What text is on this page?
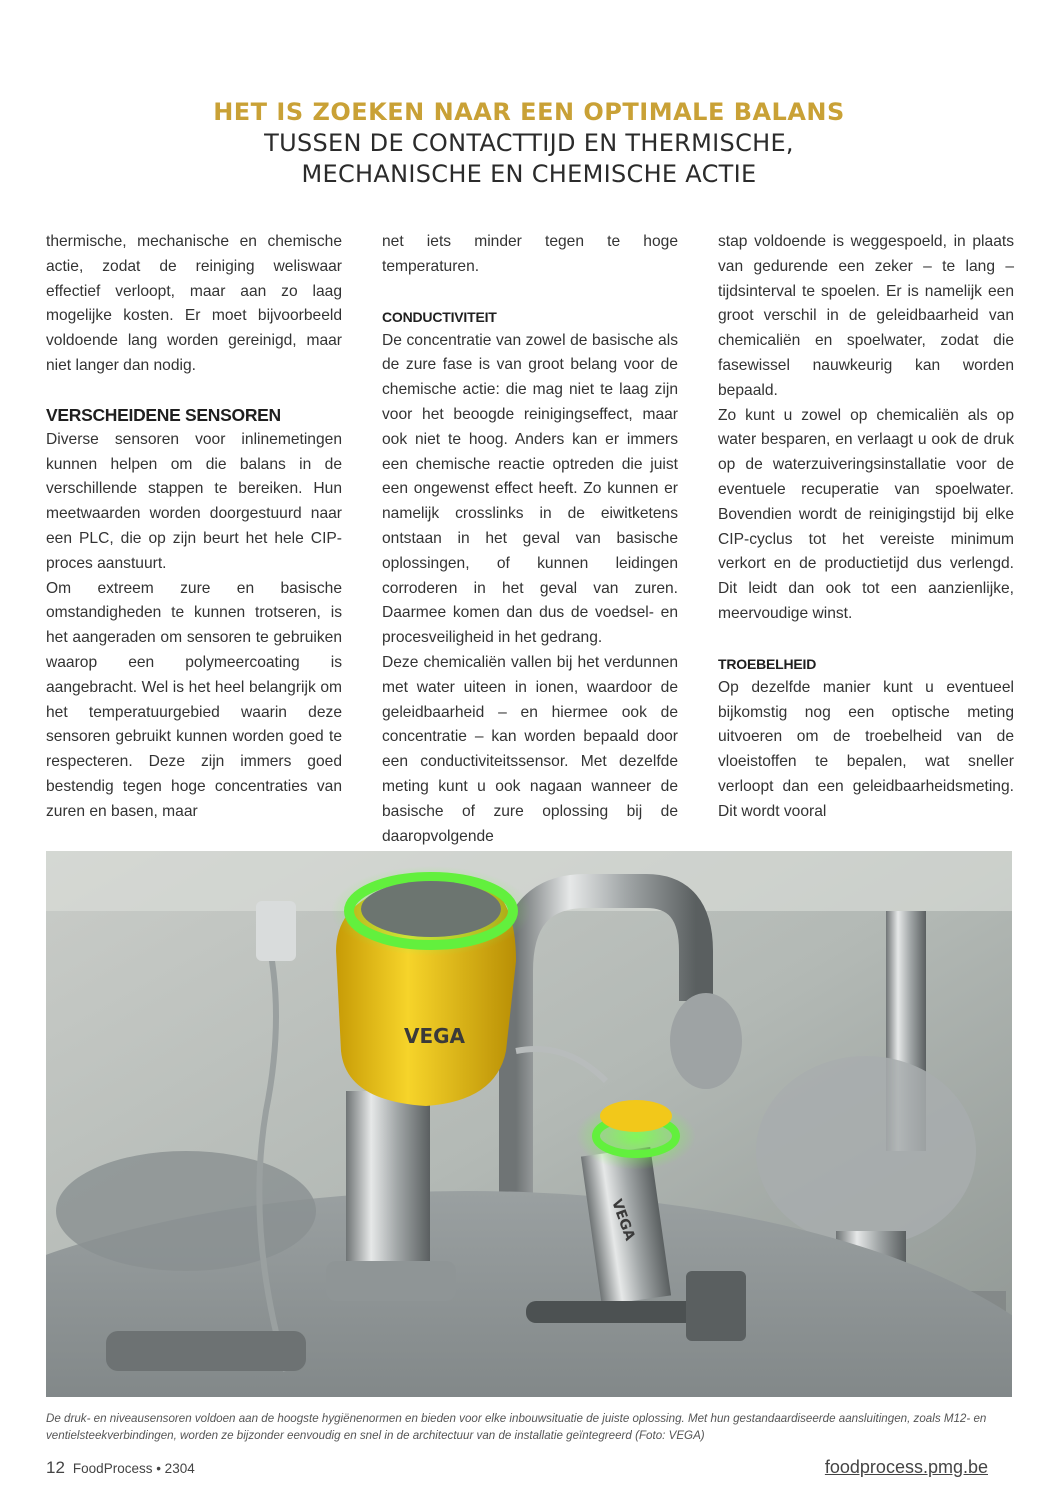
HET IS ZOEKEN NAAR EEN OPTIMALE BALANS
TUSSEN DE CONTACTTIJD EN THERMISCHE,
MECHANISCHE EN CHEMISCHE ACTIE

thermische, mechanische en chemische actie, zodat de reiniging weliswaar effectief verloopt, maar aan zo laag mogelijke kosten. Er moet bijvoorbeeld voldoende lang worden gereinigd, maar niet langer dan nodig.

VERSCHEIDENE SENSOREN

Diverse sensoren voor inlinemetingen kunnen helpen om die balans in de verschillende stappen te bereiken. Hun meetwaarden worden doorgestuurd naar een PLC, die op zijn beurt het hele CIP-proces aanstuurt.

Om extreem zure en basische omstandigheden te kunnen trotseren, is het aangeraden om sensoren te gebruiken waarop een polymeercoating is aangebracht. Wel is het heel belangrijk om het temperatuurgebied waarin deze sensoren gebruikt kunnen worden goed te respecteren. Deze zijn immers goed bestendig tegen hoge concentraties van zuren en basen, maar

net iets minder tegen te hoge temperaturen.

CONDUCTIVITEIT

De concentratie van zowel de basische als de zure fase is van groot belang voor de chemische actie: die mag niet te laag zijn voor het beoogde reinigingseffect, maar ook niet te hoog. Anders kan er immers een chemische reactie optreden die juist een ongewenst effect heeft. Zo kunnen er namelijk crosslinks in de eiwitketens ontstaan in het geval van basische oplossingen, of kunnen leidingen corroderen in het geval van zuren. Daarmee komen dan dus de voedsel- en procesveiligheid in het gedrang.

Deze chemicaliën vallen bij het verdunnen met water uiteen in ionen, waardoor de geleidbaarheid – en hiermee ook de concentratie – kan worden bepaald door een conductiviteitssensor. Met dezelfde meting kunt u ook nagaan wanneer de basische of zure oplossing bij de daaropvolgende

stap voldoende is weggespoeld, in plaats van gedurende een zeker – te lang – tijdsinterval te spoelen. Er is namelijk een groot verschil in de geleidbaarheid van chemicaliën en spoelwater, zodat die fasewissel nauwkeurig kan worden bepaald.

Zo kunt u zowel op chemicaliën als op water besparen, en verlaagt u ook de druk op de waterzuiveringsinstallatie voor de eventuele recuperatie van spoelwater. Bovendien wordt de reinigingstijd bij elke CIP-cyclus tot het vereiste minimum verkort en de productietijd dus verlengd. Dit leidt dan ook tot een aanzienlijke, meervoudige winst.

TROEBELHEID

Op dezelfde manier kunt u eventueel bijkomstig nog een optische meting uitvoeren om de troebelheid van de vloeistoffen te bepalen, wat sneller verloopt dan een geleidbaarheidsmeting. Dit wordt vooral

VEGA
VEGA
De druk- en niveausensoren voldoen aan de hoogste hygiënenormen en bieden voor elke inbouwsituatie de juiste oplossing. Met hun gestandaardiseerde aansluitingen, zoals M12- en ventielsteekverbindingen, worden ze bijzonder eenvoudig en snel in de architectuur van de installatie geïntegreerd (Foto: VEGA)
12 FoodProcess • 2304	foodprocess.pmg.be
